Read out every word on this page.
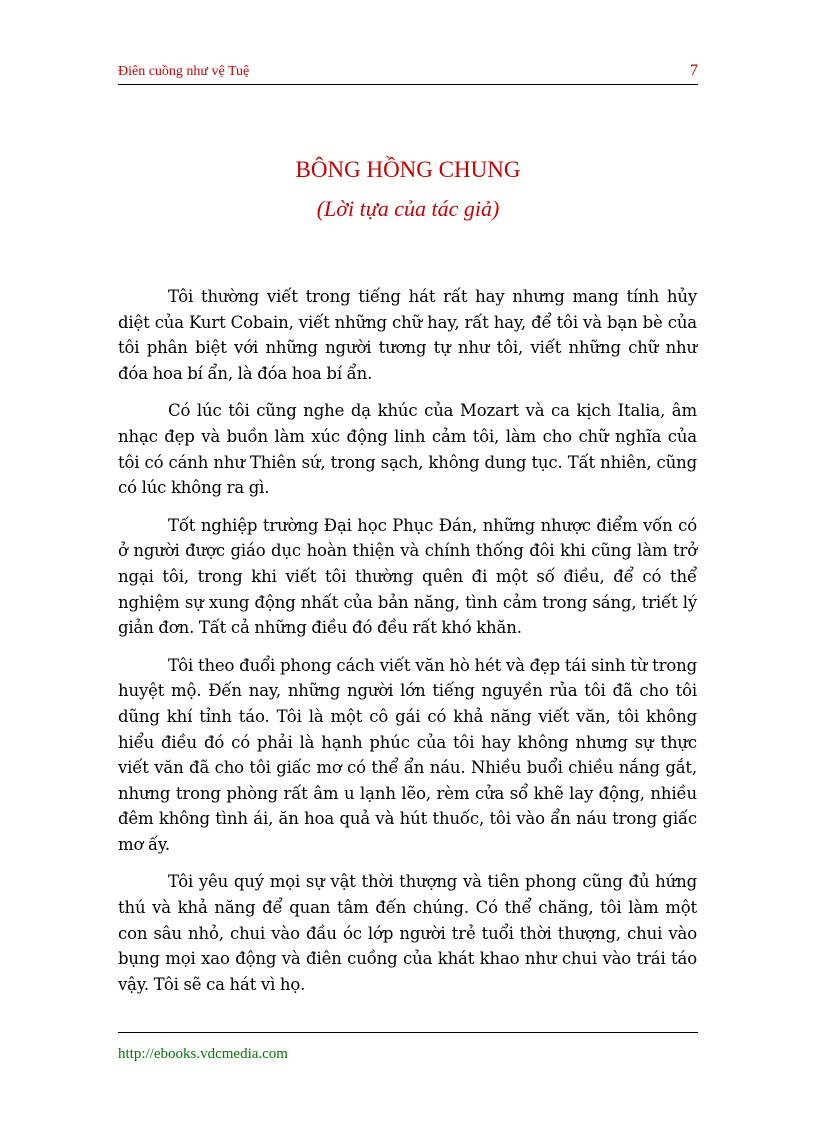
Điên cuồng như vệ Tuệ	7
BÔNG HỒNG CHUNG
(Lời tựa của tác giả)

Tôi thường viết trong tiếng hát rất hay nhưng mang tính hủy diệt của Kurt Cobain, viết những chữ hay, rất hay, để tôi và bạn bè của tôi phân biệt với những người tương tự như tôi, viết những chữ như đóa hoa bí ẩn, là đóa hoa bí ẩn.

Có lúc tôi cũng nghe dạ khúc của Mozart và ca kịch Italia, âm nhạc đẹp và buồn làm xúc động linh cảm tôi, làm cho chữ nghĩa của tôi có cánh như Thiên sứ, trong sạch, không dung tục. Tất nhiên, cũng có lúc không ra gì.

Tốt nghiệp trường Đại học Phục Đán, những nhược điểm vốn có ở người được giáo dục hoàn thiện và chính thống đôi khi cũng làm trở ngại tôi, trong khi viết tôi thường quên đi một số điều, để có thể nghiệm sự xung động nhất của bản năng, tình cảm trong sáng, triết lý giản đơn. Tất cả những điều đó đều rất khó khăn.

Tôi theo đuổi phong cách viết văn hò hét và đẹp tái sinh từ trong huyệt mộ. Đến nay, những người lớn tiếng nguyền rủa tôi đã cho tôi dũng khí tỉnh táo. Tôi là một cô gái có khả năng viết văn, tôi không hiểu điều đó có phải là hạnh phúc của tôi hay không nhưng sự thực viết văn đã cho tôi giấc mơ có thể ẩn náu. Nhiều buổi chiều nắng gắt, nhưng trong phòng rất âm u lạnh lẽo, rèm cửa sổ khẽ lay động, nhiều đêm không tình ái, ăn hoa quả và hút thuốc, tôi vào ẩn náu trong giấc mơ ấy.

Tôi yêu quý mọi sự vật thời thượng và tiên phong cũng đủ hứng thú và khả năng để quan tâm đến chúng. Có thể chăng, tôi làm một con sâu nhỏ, chui vào đầu óc lớp người trẻ tuổi thời thượng, chui vào bụng mọi xao động và điên cuồng của khát khao như chui vào trái táo vậy. Tôi sẽ ca hát vì họ.

http://ebooks.vdcmedia.com
